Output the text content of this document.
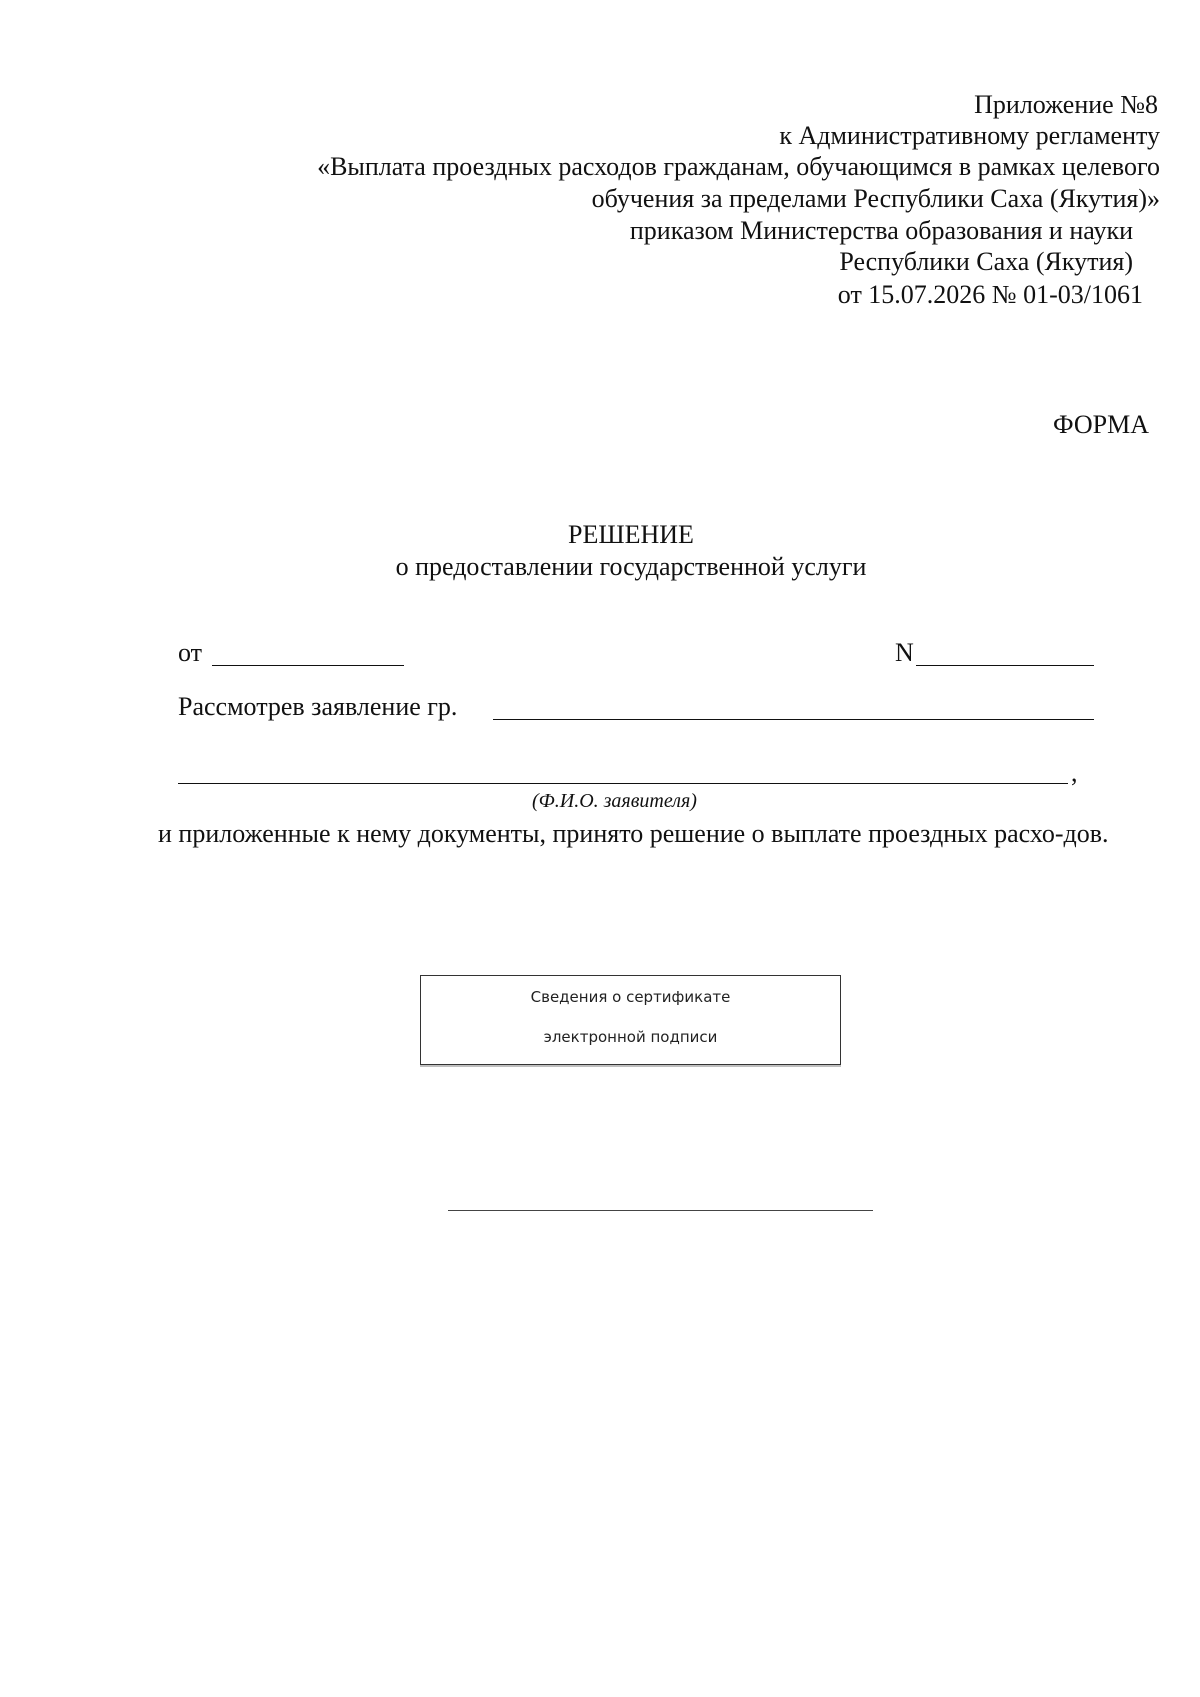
Приложение №8
к Административному регламенту
«Выплата проездных расходов гражданам, обучающимся в рамках целевого
обучения за пределами Республики Саха (Якутия)»
приказом Министерства образования и науки
Республики Саха (Якутия)
от 15.07.2026 № 01-03/1061
ФОРМА
РЕШЕНИЕ
о предоставлении государственной услуги
от	N
Рассмотрев заявление гр.
,
(Ф.И.О. заявителя)
и приложенные к нему документы, принято решение о выплате проездных расхо-дов.
Сведения о сертификате
электронной подписи
